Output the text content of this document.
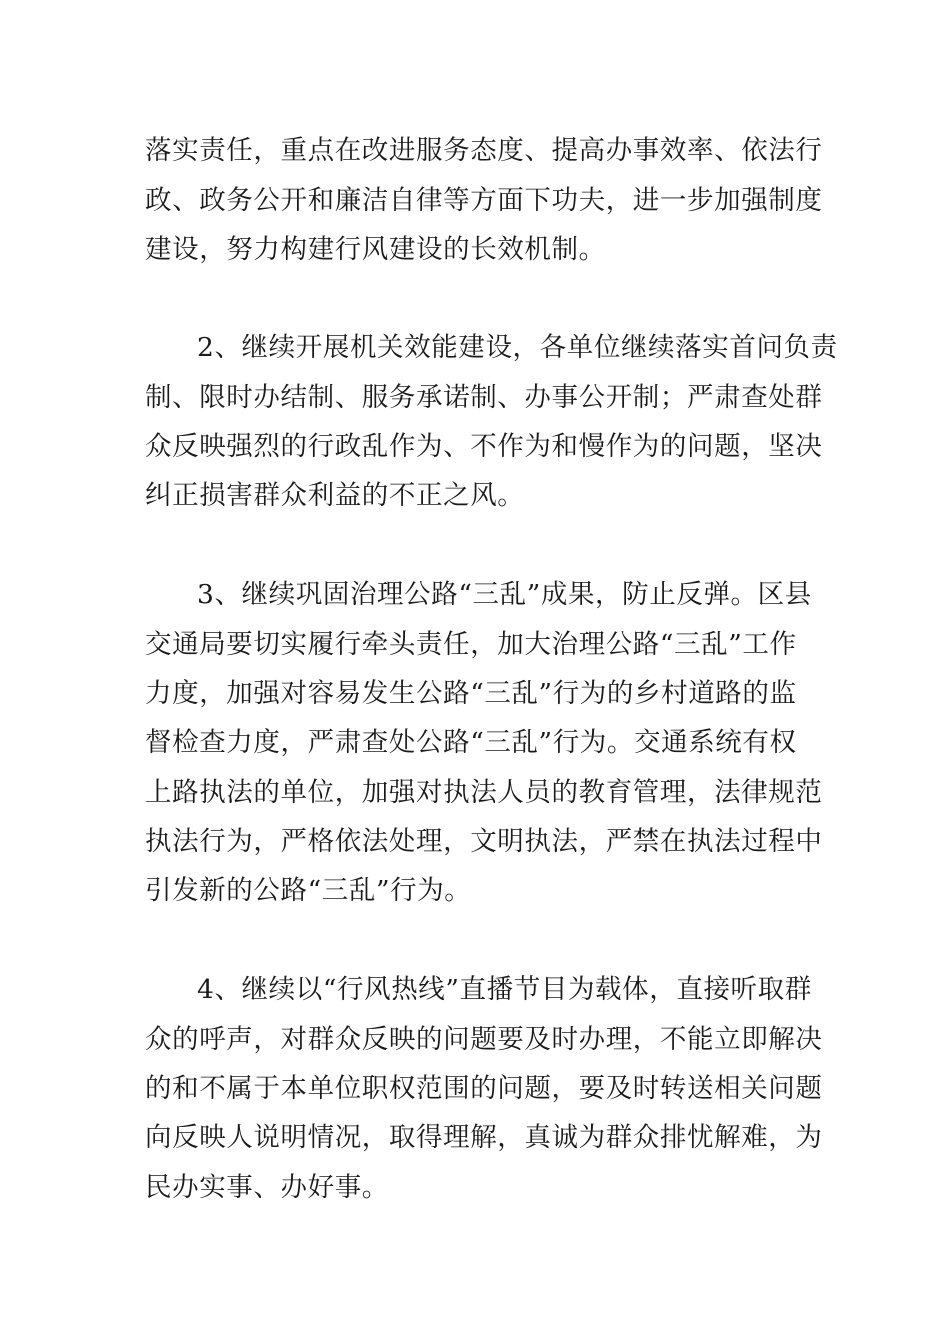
落实责任，重点在改进服务态度、提高办事效率、依法行
政、政务公开和廉洁自律等方面下功夫，进一步加强制度
建设，努力构建行风建设的长效机制。
2、继续开展机关效能建设，各单位继续落实首问负责
制、限时办结制、服务承诺制、办事公开制；严肃查处群
众反映强烈的行政乱作为、不作为和慢作为的问题，坚决
纠正损害群众利益的不正之风。
3、继续巩固治理公路“三乱”成果，防止反弹。区县
交通局要切实履行牵头责任，加大治理公路“三乱”工作
力度，加强对容易发生公路“三乱”行为的乡村道路的监
督检查力度，严肃查处公路“三乱”行为。交通系统有权
上路执法的单位，加强对执法人员的教育管理，法律规范
执法行为，严格依法处理，文明执法，严禁在执法过程中
引发新的公路“三乱”行为。
4、继续以“行风热线”直播节目为载体，直接听取群
众的呼声，对群众反映的问题要及时办理，不能立即解决
的和不属于本单位职权范围的问题，要及时转送相关问题
向反映人说明情况，取得理解，真诚为群众排忧解难，为
民办实事、办好事。
